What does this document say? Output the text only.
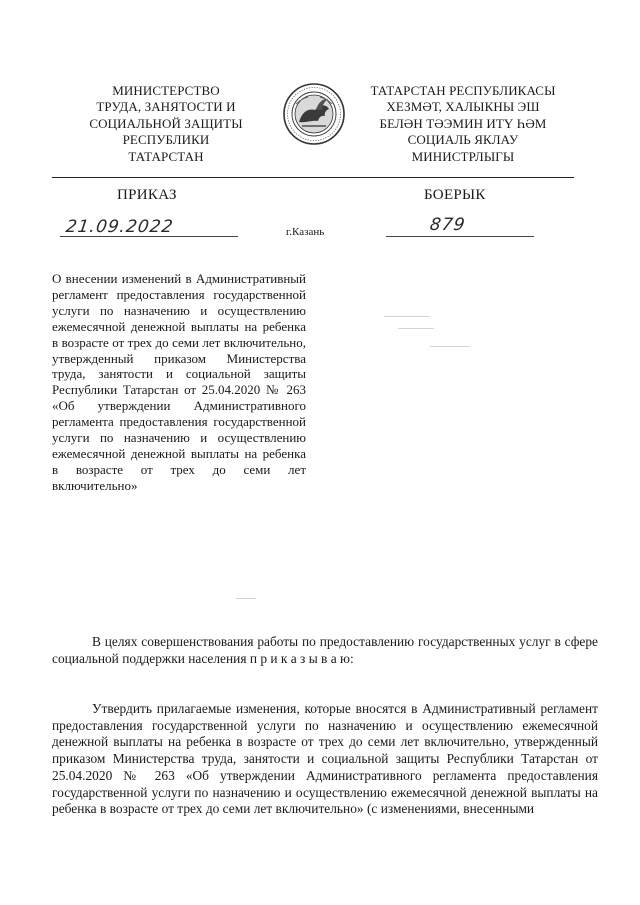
МИНИСТЕРСТВО
ТРУДА, ЗАНЯТОСТИ И
СОЦИАЛЬНОЙ ЗАЩИТЫ
РЕСПУБЛИКИ
ТАТАРСТАН
ТАТАРСТАН РЕСПУБЛИКАСЫ
ХЕЗМӘТ, ХАЛЫКНЫ ЭШ
БЕЛӘН ТӘЭМИН ИТҮ ҺӘМ
СОЦИАЛЬ ЯКЛАУ
МИНИСТРЛЫГЫ
ПРИКАЗ	БОЕРЫК
21.09.2022	г.Казань	879
О внесении изменений в Административный регламент предоставления государственной услуги по назначению и осуществлению ежемесячной денежной выплаты на ребенка в возрасте от трех до семи лет включительно, утвержденный приказом Министерства труда, занятости и социальной защиты Республики Татарстан от 25.04.2020 № 263 «Об утверждении Административного регламента предоставления государственной услуги по назначению и осуществлению ежемесячной денежной выплаты на ребенка в возрасте от трех до семи лет включительно»
В целях совершенствования работы по предоставлению государственных услуг в сфере социальной поддержки населения п р и к а з ы в а ю:
Утвердить прилагаемые изменения, которые вносятся в Административный регламент предоставления государственной услуги по назначению и осуществлению ежемесячной денежной выплаты на ребенка в возрасте от трех до семи лет включительно, утвержденный приказом Министерства труда, занятости и социальной защиты Республики Татарстан от 25.04.2020 № 263 «Об утверждении Административного регламента предоставления государственной услуги по назначению и осуществлению ежемесячной денежной выплаты на ребенка в возрасте от трех до семи лет включительно» (с изменениями, внесенными
